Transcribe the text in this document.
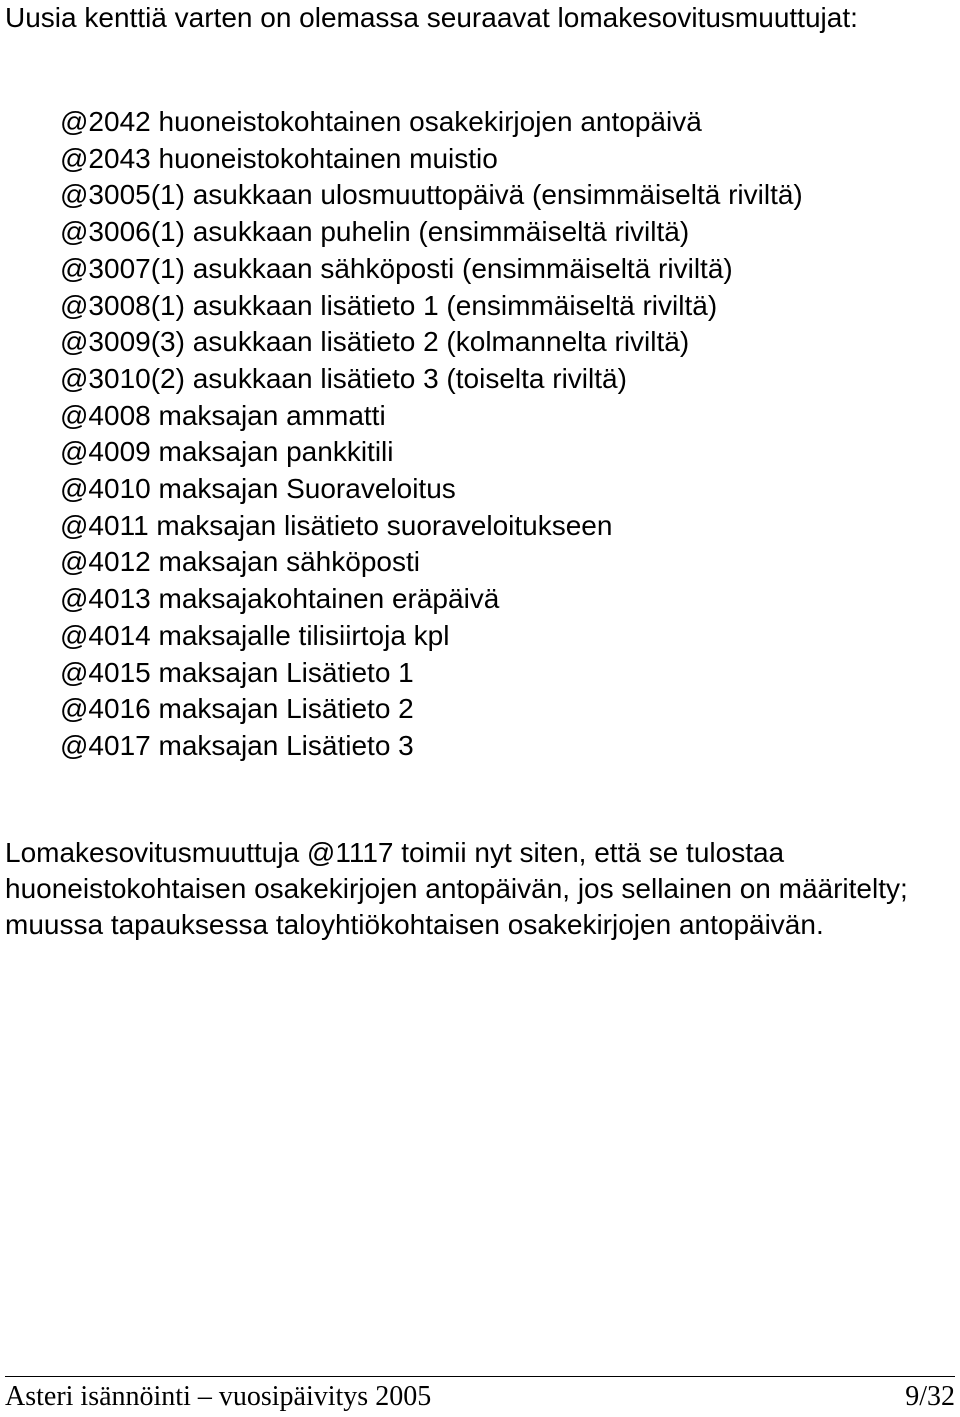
Uusia kenttiä varten on olemassa seuraavat lomakesovitusmuuttujat:

@2042 huoneistokohtainen osakekirjojen antopäivä
@2043 huoneistokohtainen muistio
@3005(1) asukkaan ulosmuuttopäivä (ensimmäiseltä riviltä)
@3006(1) asukkaan puhelin (ensimmäiseltä riviltä)
@3007(1) asukkaan sähköposti (ensimmäiseltä riviltä)
@3008(1) asukkaan lisätieto 1 (ensimmäiseltä riviltä)
@3009(3) asukkaan lisätieto 2 (kolmannelta riviltä)
@3010(2) asukkaan lisätieto 3 (toiselta riviltä)
@4008 maksajan ammatti
@4009 maksajan pankkitili
@4010 maksajan Suoraveloitus
@4011 maksajan lisätieto suoraveloitukseen
@4012 maksajan sähköposti
@4013 maksajakohtainen eräpäivä
@4014 maksajalle tilisiirtoja kpl
@4015 maksajan Lisätieto 1
@4016 maksajan Lisätieto 2
@4017 maksajan Lisätieto 3

Lomakesovitusmuuttuja @1117 toimii nyt siten, että se tulostaa huoneistokohtaisen osakekirjojen antopäivän, jos sellainen on määritelty; muussa tapauksessa taloyhtiökohtaisen osakekirjojen antopäivän.

Asteri isännöinti – vuosipäivitys 2005	9/32
